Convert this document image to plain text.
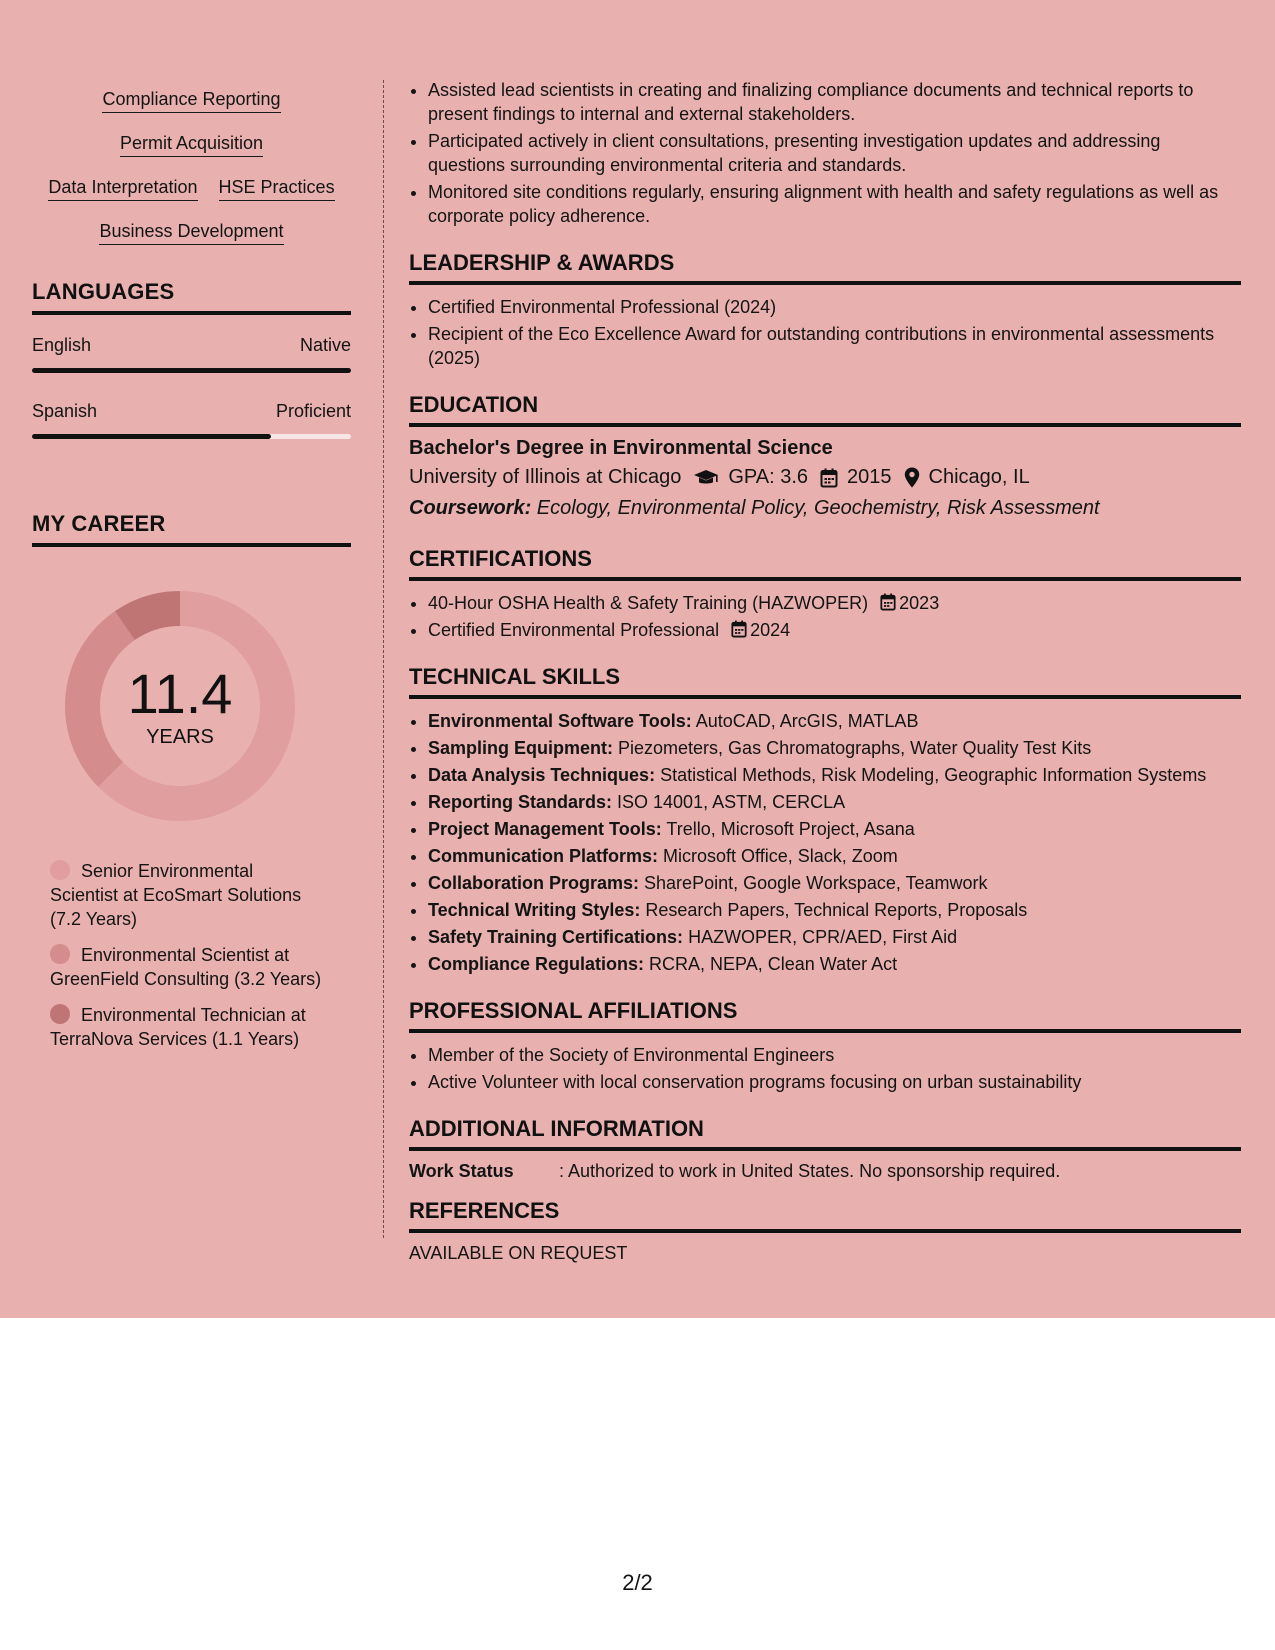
Compliance Reporting
Permit Acquisition
Data Interpretation HSE Practices
Business Development
LANGUAGES
English	Native
Spanish	Proficient
MY CAREER
11.4
YEARS
Senior Environmental Scientist at EcoSmart Solutions (7.2 Years)
Environmental Scientist at GreenField Consulting (3.2 Years)
Environmental Technician at TerraNova Services (1.1 Years)
• Assisted lead scientists in creating and finalizing compliance documents and technical reports to present findings to internal and external stakeholders.
• Participated actively in client consultations, presenting investigation updates and addressing questions surrounding environmental criteria and standards.
• Monitored site conditions regularly, ensuring alignment with health and safety regulations as well as corporate policy adherence.
LEADERSHIP & AWARDS
• Certified Environmental Professional (2024)
• Recipient of the Eco Excellence Award for outstanding contributions in environmental assessments (2025)
EDUCATION
Bachelor's Degree in Environmental Science
University of Illinois at Chicago GPA: 3.6 2015 Chicago, IL
Coursework: Ecology, Environmental Policy, Geochemistry, Risk Assessment
CERTIFICATIONS
• 40-Hour OSHA Health & Safety Training (HAZWOPER) 2023
• Certified Environmental Professional 2024
TECHNICAL SKILLS
• Environmental Software Tools: AutoCAD, ArcGIS, MATLAB
• Sampling Equipment: Piezometers, Gas Chromatographs, Water Quality Test Kits
• Data Analysis Techniques: Statistical Methods, Risk Modeling, Geographic Information Systems
• Reporting Standards: ISO 14001, ASTM, CERCLA
• Project Management Tools: Trello, Microsoft Project, Asana
• Communication Platforms: Microsoft Office, Slack, Zoom
• Collaboration Programs: SharePoint, Google Workspace, Teamwork
• Technical Writing Styles: Research Papers, Technical Reports, Proposals
• Safety Training Certifications: HAZWOPER, CPR/AED, First Aid
• Compliance Regulations: RCRA, NEPA, Clean Water Act
PROFESSIONAL AFFILIATIONS
• Member of the Society of Environmental Engineers
• Active Volunteer with local conservation programs focusing on urban sustainability
ADDITIONAL INFORMATION
Work Status	: Authorized to work in United States. No sponsorship required.
REFERENCES
AVAILABLE ON REQUEST
2/2
